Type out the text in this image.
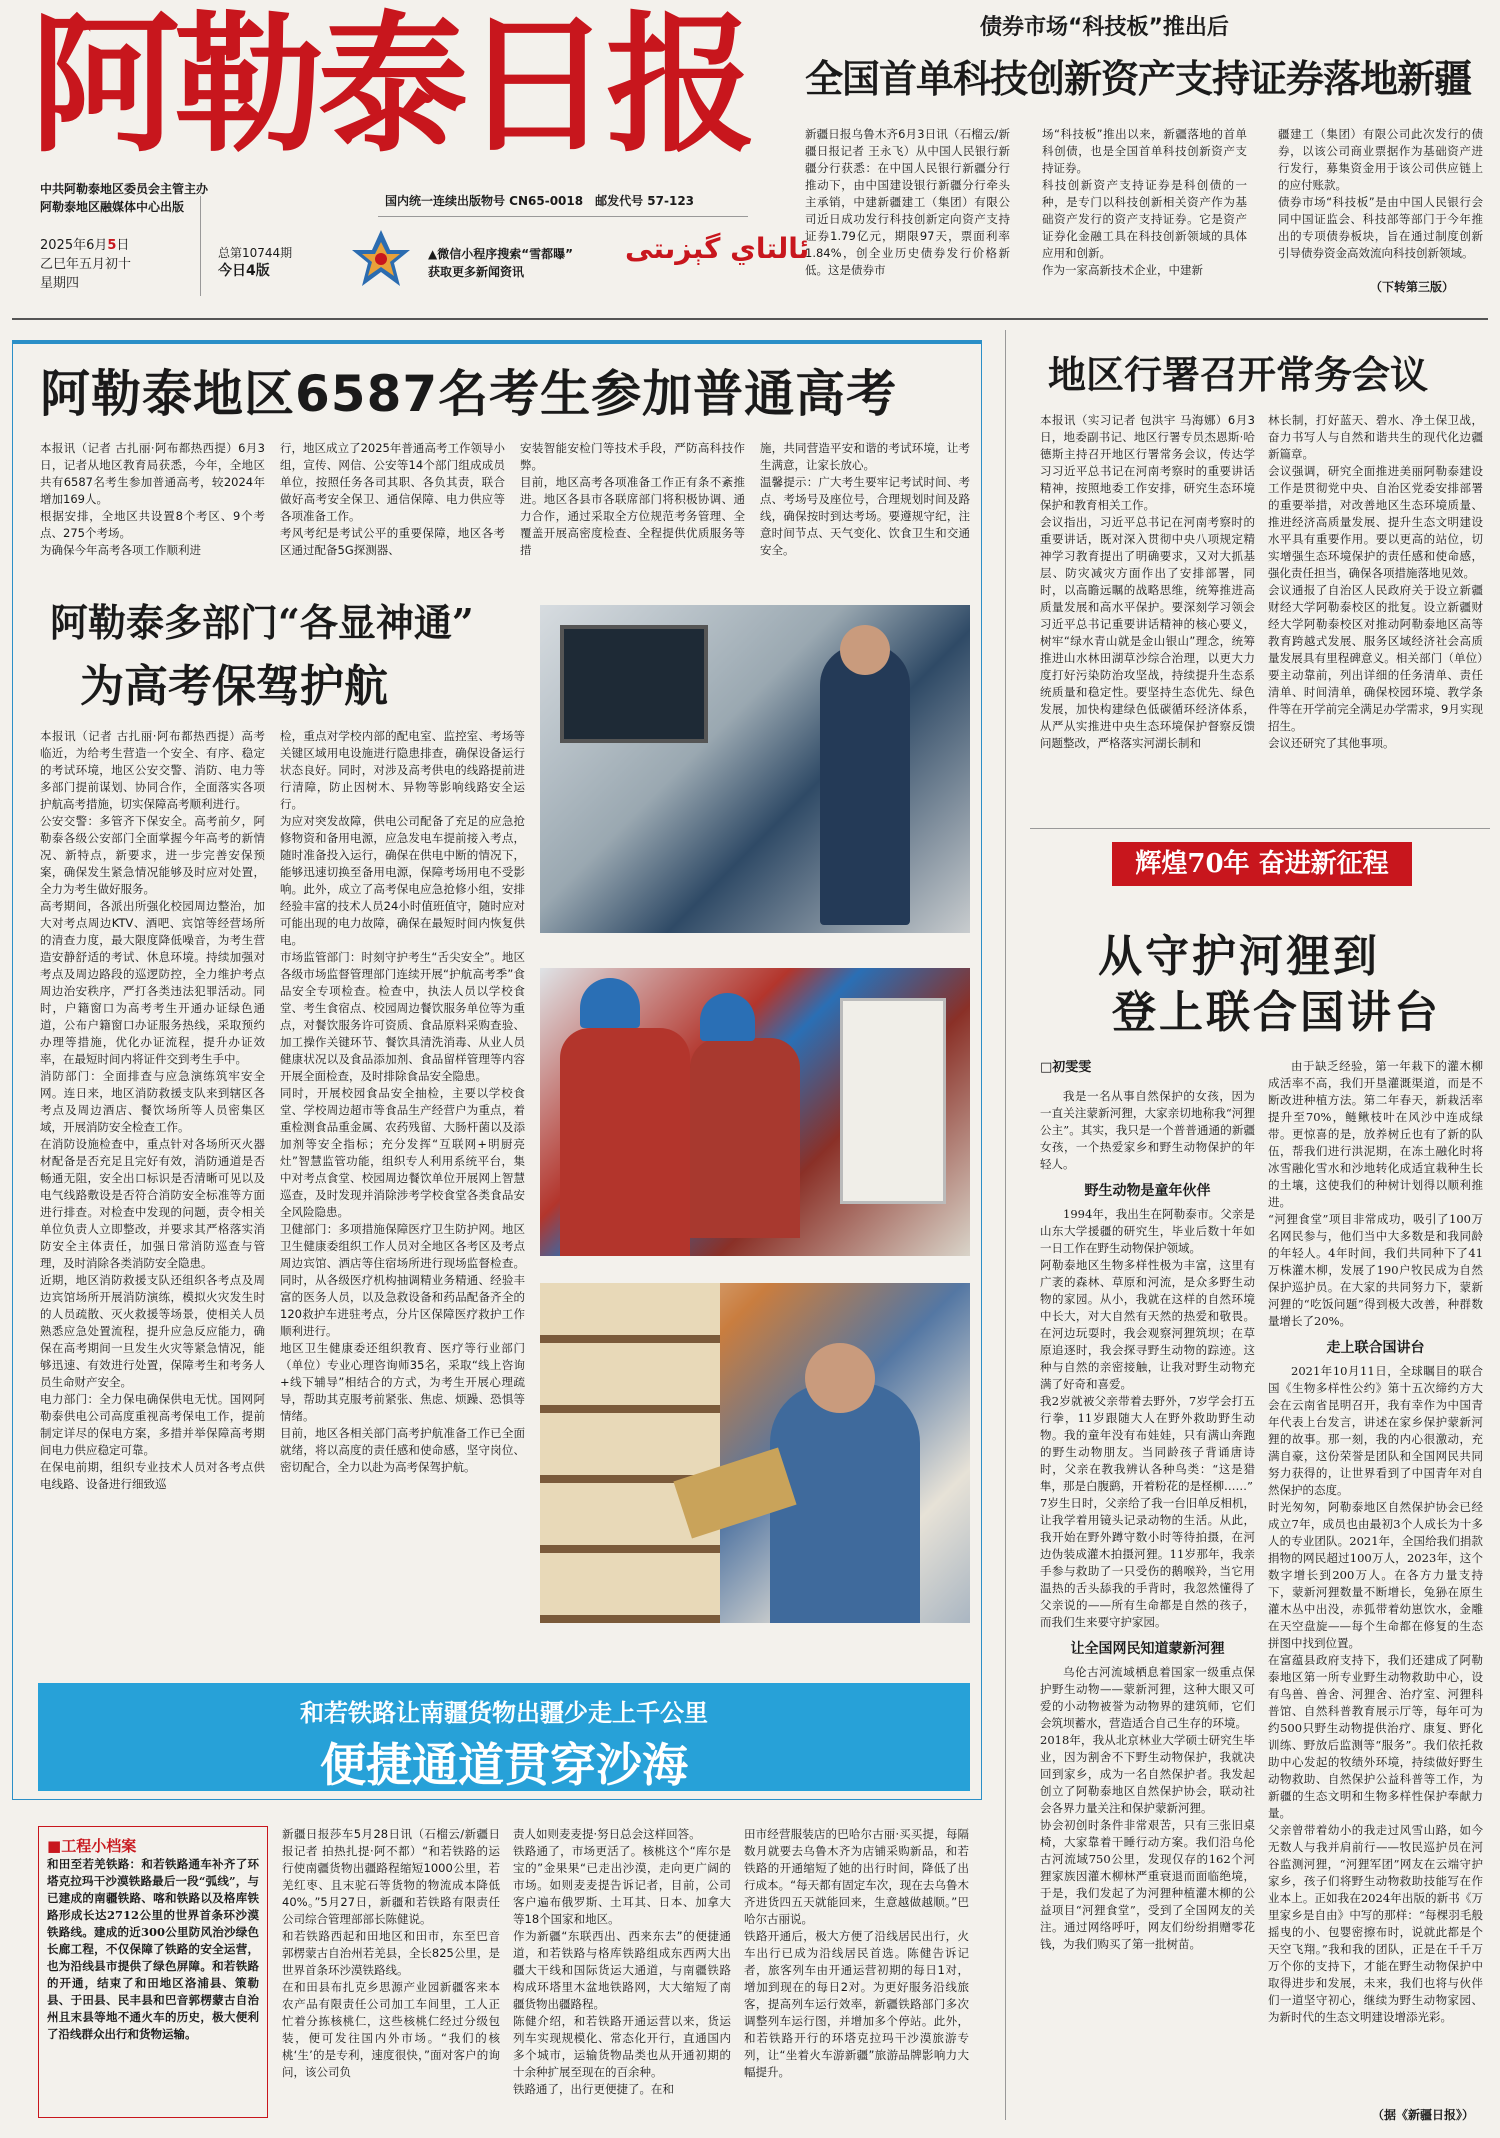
阿勒泰日报
中共阿勒泰地区委员会主管主办
阿勒泰地区融媒体中心出版
2025年6月5日
乙巳年五月初十
星期四
总第10744期
今日4版
国内统一连续出版物号 CN65-0018　邮发代号 57-123
▲微信小程序搜索“雪都曝”
获取更多新闻资讯
ئالتاي گېزىتى
债券市场“科技板”推出后
全国首单科技创新资产支持证券落地新疆
新疆日报乌鲁木齐6月3日讯（石榴云/新疆日报记者 王永飞）从中国人民银行新疆分行获悉：在中国人民银行新疆分行推动下，由中国建设银行新疆分行牵头主承销，中建新疆建工（集团）有限公司近日成功发行科技创新定向资产支持证券1.79亿元，期限97天，票面利率1.84%，创全业历史债券发行价格新低。这是债券市
场“科技板”推出以来，新疆落地的首单科创债，也是全国首单科技创新资产支持证券。
科技创新资产支持证券是科创债的一种，是专门以科技创新相关资产作为基础资产发行的资产支持证券。它是资产证券化金融工具在科技创新领域的具体应用和创新。
作为一家高新技术企业，中建新
疆建工（集团）有限公司此次发行的债券，以该公司商业票据作为基础资产进行发行，募集资金用于该公司供应链上的应付账款。
债券市场“科技板”是由中国人民银行会同中国证监会、科技部等部门于今年推出的专项债券板块，旨在通过制度创新引导债券资金高效流向科技创新领域。
（下转第三版）
阿勒泰地区6587名考生参加普通高考
本报讯（记者 古扎丽·阿布都热西提）6月3日，记者从地区教育局获悉，今年，全地区共有6587名考生参加普通高考，较2024年增加169人。
根据安排，全地区共设置8个考区、9个考点、275个考场。
为确保今年高考各项工作顺利进
行，地区成立了2025年普通高考工作领导小组，宣传、网信、公安等14个部门组成成员单位，按照任务各司其职、各负其责，联合做好高考安全保卫、通信保障、电力供应等各项准备工作。
考风考纪是考试公平的重要保障，地区各考区通过配备5G探测器、
安装智能安检门等技术手段，严防高科技作弊。
目前，地区高考各项准备工作正有条不紊推进。地区各县市各联席部门将积极协调、通力合作，通过采取全方位规范考务管理、全覆盖开展高密度检查、全程提供优质服务等措
施，共同营造平安和谐的考试环境，让考生满意，让家长放心。
温馨提示：广大考生要牢记考试时间、考点、考场号及座位号，合理规划时间及路线，确保按时到达考场。要遵规守纪，注意时间节点、天气变化、饮食卫生和交通安全。
阿勒泰多部门“各显神通”
为高考保驾护航
本报讯（记者 古扎丽·阿布都热西提）高考临近，为给考生营造一个安全、有序、稳定的考试环境，地区公安交警、消防、电力等多部门提前谋划、协同合作，全面落实各项护航高考措施，切实保障高考顺利进行。
公安交警：多管齐下保安全。高考前夕，阿勒泰各级公安部门全面掌握今年高考的新情况、新特点，新要求，进一步完善安保预案，确保发生紧急情况能够及时应对处置，全力为考生做好服务。
高考期间，各派出所强化校园周边整治，加大对考点周边KTV、酒吧、宾馆等经营场所的清查力度，最大限度降低噪音，为考生营造安静舒适的考试、休息环境。持续加强对考点及周边路段的巡逻防控，全力维护考点周边治安秩序，严打各类违法犯罪活动。同时，户籍窗口为高考考生开通办证绿色通道，公布户籍窗口办证服务热线，采取预约办理等措施，优化办证流程，提升办证效率，在最短时间内将证件交到考生手中。
消防部门：全面排查与应急演练筑牢安全网。连日来，地区消防救援支队来到辖区各考点及周边酒店、餐饮场所等人员密集区域，开展消防安全检查工作。
在消防设施检查中，重点针对各场所灭火器材配备是否充足且完好有效，消防通道是否畅通无阻，安全出口标识是否清晰可见以及电气线路敷设是否符合消防安全标准等方面进行排查。对检查中发现的问题，责令相关单位负责人立即整改，并要求其严格落实消防安全主体责任，加强日常消防巡查与管理，及时消除各类消防安全隐患。
近期，地区消防救援支队还组织各考点及周边宾馆场所开展消防演练，模拟火灾发生时的人员疏散、灭火救援等场景，使相关人员熟悉应急处置流程，提升应急反应能力，确保在高考期间一旦发生火灾等紧急情况，能够迅速、有效进行处置，保障考生和考务人员生命财产安全。
电力部门：全力保电确保供电无忧。国网阿勒泰供电公司高度重视高考保电工作，提前制定详尽的保电方案，多措并举保障高考期间电力供应稳定可靠。
在保电前期，组织专业技术人员对各考点供电线路、设备进行细致巡
检，重点对学校内部的配电室、监控室、考场等关键区域用电设施进行隐患排查，确保设备运行状态良好。同时，对涉及高考供电的线路提前进行清障，防止因树木、异物等影响线路安全运行。
为应对突发故障，供电公司配备了充足的应急抢修物资和备用电源，应急发电车提前接入考点，随时准备投入运行，确保在供电中断的情况下，能够迅速切换至备用电源，保障考场用电不受影响。此外，成立了高考保电应急抢修小组，安排经验丰富的技术人员24小时值班值守，随时应对可能出现的电力故障，确保在最短时间内恢复供电。
市场监管部门：时刻守护考生“舌尖安全”。地区各级市场监督管理部门连续开展“护航高考季”食品安全专项检查。检查中，执法人员以学校食堂、考生食宿点、校园周边餐饮服务单位等为重点，对餐饮服务许可资质、食品原料采购查验、加工操作关键环节、餐饮具清洗消毒、从业人员健康状况以及食品添加剂、食品留样管理等内容开展全面检查，及时排除食品安全隐患。
同时，开展校园食品安全抽检，主要以学校食堂、学校周边超市等食品生产经营户为重点，着重检测食品重金属、农药残留、大肠杆菌以及添加剂等安全指标；充分发挥“互联网+明厨亮灶”智慧监管功能，组织专人利用系统平台，集中对考点食堂、校园周边餐饮单位开展网上智慧巡查，及时发现并消除涉考学校食堂各类食品安全风险隐患。
卫健部门：多项措施保障医疗卫生防护网。地区卫生健康委组织工作人员对全地区各考区及考点周边宾馆、酒店等住宿场所进行现场监督检查。同时，从各级医疗机构抽调精业务精通、经验丰富的医务人员，以及急救设备和药品配备齐全的120救护车进驻考点，分片区保障医疗救护工作顺利进行。
地区卫生健康委还组织教育、医疗等行业部门（单位）专业心理咨询师35名，采取“线上咨询+线下辅导”相结合的方式，为考生开展心理疏导，帮助其克服考前紧张、焦虑、烦躁、恐惧等情绪。
目前，地区各相关部门高考护航准备工作已全面就绪，将以高度的责任感和使命感，坚守岗位、密切配合，全力以赴为高考保驾护航。
和若铁路让南疆货物出疆少走上千公里
便捷通道贯穿沙海
■工程小档案
和田至若羌铁路：和若铁路通车补齐了环塔克拉玛干沙漠铁路最后一段“弧线”，与已建成的南疆铁路、喀和铁路以及格库铁路形成长达2712公里的世界首条环沙漠铁路线。建成的近300公里防风治沙绿色长廊工程，不仅保障了铁路的安全运营，也为沿线县市提供了绿色屏障。和若铁路的开通，结束了和田地区洛浦县、策勒县、于田县、民丰县和巴音郭楞蒙古自治州且末县等地不通火车的历史，极大便利了沿线群众出行和货物运输。
新疆日报莎车5月28日讯（石榴云/新疆日报记者 拍热扎提·阿不都）“和若铁路的运行使南疆货物出疆路程缩短1000公里，若羌红枣、且末驼石等货物的物流成本降低40%。”5月27日，新疆和若铁路有限责任公司综合管理部部长陈健说。
和若铁路西起和田地区和田市，东至巴音郭楞蒙古自治州若羌县，全长825公里，是世界首条环沙漠铁路线。
在和田县布扎克乡思源产业园新疆客来本农产品有限责任公司加工车间里，工人正忙着分拣核桃仁，这些核桃仁经过分级包装，便可发往国内外市场。“我们的核桃‘生’的是专利，速度很快，”面对客户的询问，该公司负
责人如则麦麦提·努日总会这样回答。
铁路通了，市场更活了。核桃这个“库尔是宝的”金果果“已走出沙漠，走向更广阔的市场。如则麦麦提告诉记者，目前，公司客户遍布俄罗斯、土耳其、日本、加拿大等18个国家和地区。
作为新疆“东联西出、西来东去”的便捷通道，和若铁路与格库铁路组成东西两大出疆大干线和国际货运大通道，与南疆铁路构成环塔里木盆地铁路网，大大缩短了南疆货物出疆路程。
陈健介绍，和若铁路开通运营以来，货运列车实现规模化、常态化开行，直通国内多个城市，运输货物品类也从开通初期的十余种扩展至现在的百余种。
铁路通了，出行更便捷了。在和
田市经营服装店的巴哈尔古丽·买买提，每隔数月就要去乌鲁木齐为店铺采购新品，和若铁路的开通缩短了她的出行时间，降低了出行成本。“每天都有固定车次，现在去乌鲁木齐进货四五天就能回来，生意越做越顺。”巴哈尔古丽说。
铁路开通后，极大方便了沿线居民出行，火车出行已成为沿线居民首选。陈健告诉记者，旅客列车由开通运营初期的每日1对，增加到现在的每日2对。为更好服务沿线旅客，提高列车运行效率，新疆铁路部门多次调整列车运行图，并增加多个停站。此外，和若铁路开行的环塔克拉玛干沙漠旅游专列，让“坐着火车游新疆”旅游品牌影响力大幅提升。
地区行署召开常务会议
本报讯（实习记者 包洪宇 马海娜）6月3日，地委副书记、地区行署专员杰恩斯·哈德斯主持召开地区行署常务会议，传达学习习近平总书记在河南考察时的重要讲话精神，按照地委工作安排，研究生态环境保护和教育相关工作。
会议指出，习近平总书记在河南考察时的重要讲话，既对深入贯彻中央八项规定精神学习教育提出了明确要求，又对大抓基层、防灾减灾方面作出了安排部署，同时，以高瞻远瞩的战略思维，统筹推进高质量发展和高水平保护。要深刻学习领会习近平总书记重要讲话精神的核心要义，树牢“绿水青山就是金山银山”理念，统筹推进山水林田湖草沙综合治理，以更大力度打好污染防治攻坚战，持续提升生态系统质量和稳定性。要坚持生态优先、绿色发展，加快构建绿色低碳循环经济体系，从严从实推进中央生态环境保护督察反馈问题整改，严格落实河湖长制和
林长制，打好蓝天、碧水、净土保卫战，奋力书写人与自然和谐共生的现代化边疆新篇章。
会议强调，研究全面推进美丽阿勒泰建设工作是贯彻党中央、自治区党委安排部署的重要举措，对改善地区生态环境质量、推进经济高质量发展、提升生态文明建设水平具有重要作用。要以更高的站位，切实增强生态环境保护的责任感和使命感，强化责任担当，确保各项措施落地见效。
会议通报了自治区人民政府关于设立新疆财经大学阿勒泰校区的批复。设立新疆财经大学阿勒泰校区对推动阿勒泰地区高等教育跨越式发展、服务区域经济社会高质量发展具有里程碑意义。相关部门（单位）要主动靠前，列出详细的任务清单、责任清单、时间清单，确保校园环境、教学条件等在开学前完全满足办学需求，9月实现招生。
会议还研究了其他事项。
辉煌70年 奋进新征程
从守护河狸到
登上联合国讲台
□初雯雯

我是一名从事自然保护的女孩，因为一直关注蒙新河狸，大家亲切地称我“河狸公主”。其实，我只是一个普普通通的新疆女孩，一个热爱家乡和野生动物保护的年轻人。

野生动物是童年伙伴
1994年，我出生在阿勒泰市。父亲是山东大学援疆的研究生，毕业后数十年如一日工作在野生动物保护领域。
阿勒泰地区生物多样性极为丰富，这里有广袤的森林、草原和河流，是众多野生动物的家园。从小，我就在这样的自然环境中长大，对大自然有天然的热爱和敬畏。在河边玩耍时，我会观察河狸筑坝；在草原追逐时，我会探寻野生动物的踪迹。这种与自然的亲密接触，让我对野生动物充满了好奇和喜爱。
我2岁就被父亲带着去野外，7岁学会打五行拳，11岁跟随大人在野外救助野生动物。我的童年没有布娃娃，只有满山奔跑的野生动物朋友。当同龄孩子背诵唐诗时，父亲在教我辨认各种鸟类：“这是猎隼，那是白腹鹞，开着粉花的是柽柳……”
7岁生日时，父亲给了我一台旧单反相机，让我学着用镜头记录动物的生活。从此，我开始在野外蹲守数小时等待拍摄，在河边伪装成灌木拍摄河狸。11岁那年，我亲手参与救助了一只受伤的鹅喉羚，当它用温热的舌头舔我的手背时，我忽然懂得了父亲说的——所有生命都是自然的孩子，而我们生来要守护家园。
让全国网民知道蒙新河狸
乌伦古河流域栖息着国家一级重点保护野生动物——蒙新河狸，这种大眼又可爱的小动物被誉为动物界的建筑师，它们会筑坝蓄水，营造适合自己生存的环境。
2018年，我从北京林业大学硕士研究生毕业，因为割舍不下野生动物保护，我就决回到家乡，成为一名自然保护者。我发起创立了阿勒泰地区自然保护协会，联动社会各界力量关注和保护蒙新河狸。
协会初创时条件非常艰苦，只有三张旧桌椅，大家靠着干睡行动方案。我们沿乌伦古河流域750公里，发现仅存的162个河狸家族因灌木柳林严重衰退而面临绝境，于是，我们发起了为河狸种植灌木柳的公益项目“河狸食堂”，受到了全国网友的关注。通过网络呼吁，网友们纷纷捐赠零花钱，为我们购买了第一批树苗。
由于缺乏经验，第一年栽下的灌木柳成活率不高，我们开垦灌溉渠道，而是不断改进种植方法。第二年春天，新栽活率提升至70%，鲢鳅枝叶在风沙中连成绿带。更惊喜的是，放养树丘也有了新的队伍，帮我们进行洪泥期，在冻土融化时将冰雪融化雪水和沙地转化成适宜栽种生长的土壤，这使我们的种树计划得以顺利推进。
“河狸食堂”项目非常成功，吸引了100万名网民参与，他们当中大多数是和我同龄的年轻人。4年时间，我们共同种下了41万株灌木柳，发展了190户牧民成为自然保护巡护员。在大家的共同努力下，蒙新河狸的“吃饭问题”得到极大改善，种群数量增长了20%。
走上联合国讲台
2021年10月11日，全球瞩目的联合国《生物多样性公约》第十五次缔约方大会在云南省昆明召开，我有幸作为中国青年代表上台发言，讲述在家乡保护蒙新河狸的故事。那一刻，我的内心很激动，充满自豪，这份荣誉是团队和全国网民共同努力获得的，让世界看到了中国青年对自然保护的态度。
时光匆匆，阿勒泰地区自然保护协会已经成立7年，成员也由最初3个人成长为十多人的专业团队。2021年，全国给我们捐款捐物的网民超过100万人，2023年，这个数字增长到200万人。在各方力量支持下，蒙新河狸数量不断增长，兔狲在原生灌木丛中出没，赤狐带着幼崽饮水，金雕在天空盘旋——每个生命都在修复的生态拼图中找到位置。
在富蕴县政府支持下，我们还建成了阿勒泰地区第一所专业野生动物救助中心，设有鸟兽、兽舍、河狸舍、治疗室、河狸科普馆、自然科普教育展示厅等，每年可为约500只野生动物提供治疗、康复、野化训练、野放后监测等“服务”。我们依托救助中心发起的牧绩外环境，持续做好野生动物救助、自然保护公益科普等工作，为新疆的生态文明和生物多样性保护奉献力量。
父亲曾带着幼小的我走过风雪山路，如今无数人与我并肩前行——牧民巡护员在河谷监测河狸，“河狸军团”网友在云端守护家乡，孩子们将野生动物救助技能写在作业本上。正如我在2024年出版的新书《万里家乡是自由》中写的那样：“每棵羽毛般摇曳的小、包婴密擦布时，说就此都是个天空飞翔。”我和我的团队，正是在千千万万个你的支持下，才能在野生动物保护中取得进步和发展，未来，我们也将与伙伴们一道坚守初心，继续为野生动物家园、为新时代的生态文明建设增添光彩。
（据《新疆日报》）
